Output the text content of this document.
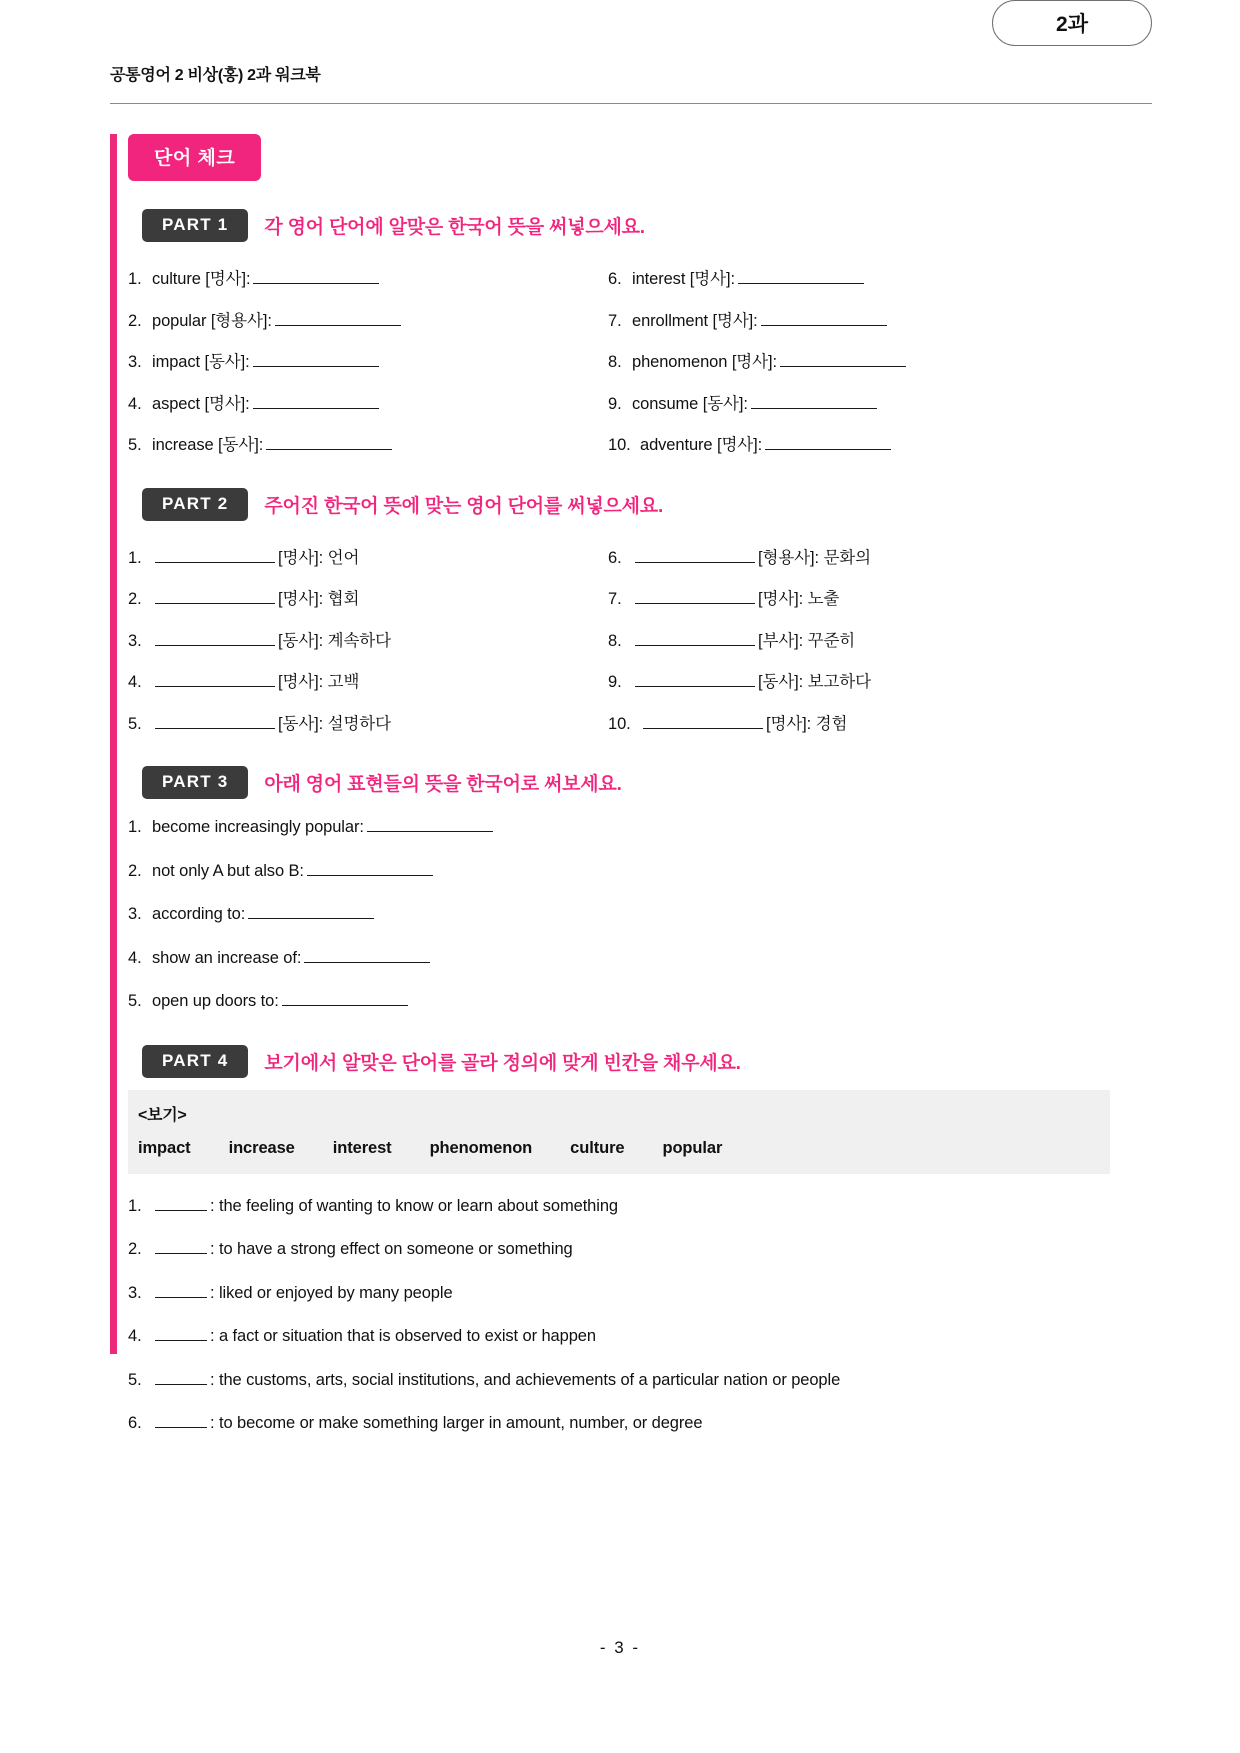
공통영어 2 비상(홍) 2과 워크북
2과
단어 체크
PART 1	각 영어 단어에 알맞은 한국어 뜻을 써넣으세요.
1. culture [명사]:	6. interest [명사]:
2. popular [형용사]:	7. enrollment [명사]:
3. impact [동사]:	8. phenomenon [명사]:
4. aspect [명사]:	9. consume [동사]:
5. increase [동사]:	10. adventure [명사]:
PART 2	주어진 한국어 뜻에 맞는 영어 단어를 써넣으세요.
1.	[명사]: 언어	6.	[형용사]: 문화의
2.	[명사]: 협회	7.	[명사]: 노출
3.	[동사]: 계속하다	8.	[부사]: 꾸준히
4.	[명사]: 고백	9.	[동사]: 보고하다
5.	[동사]: 설명하다	10.	[명사]: 경험
PART 3	아래 영어 표현들의 뜻을 한국어로 써보세요.
1. become increasingly popular:
2. not only A but also B:
3. according to:
4. show an increase of:
5. open up doors to:
PART 4	보기에서 알맞은 단어를 골라 정의에 맞게 빈칸을 채우세요.
<보기>
impact increase interest phenomenon culture popular
1.	: the feeling of wanting to know or learn about something
2.	: to have a strong effect on someone or something
3.	: liked or enjoyed by many people
4.	: a fact or situation that is observed to exist or happen
5.	: the customs, arts, social institutions, and achievements of a particular nation or people
6.	: to become or make something larger in amount, number, or degree
- 3 -
